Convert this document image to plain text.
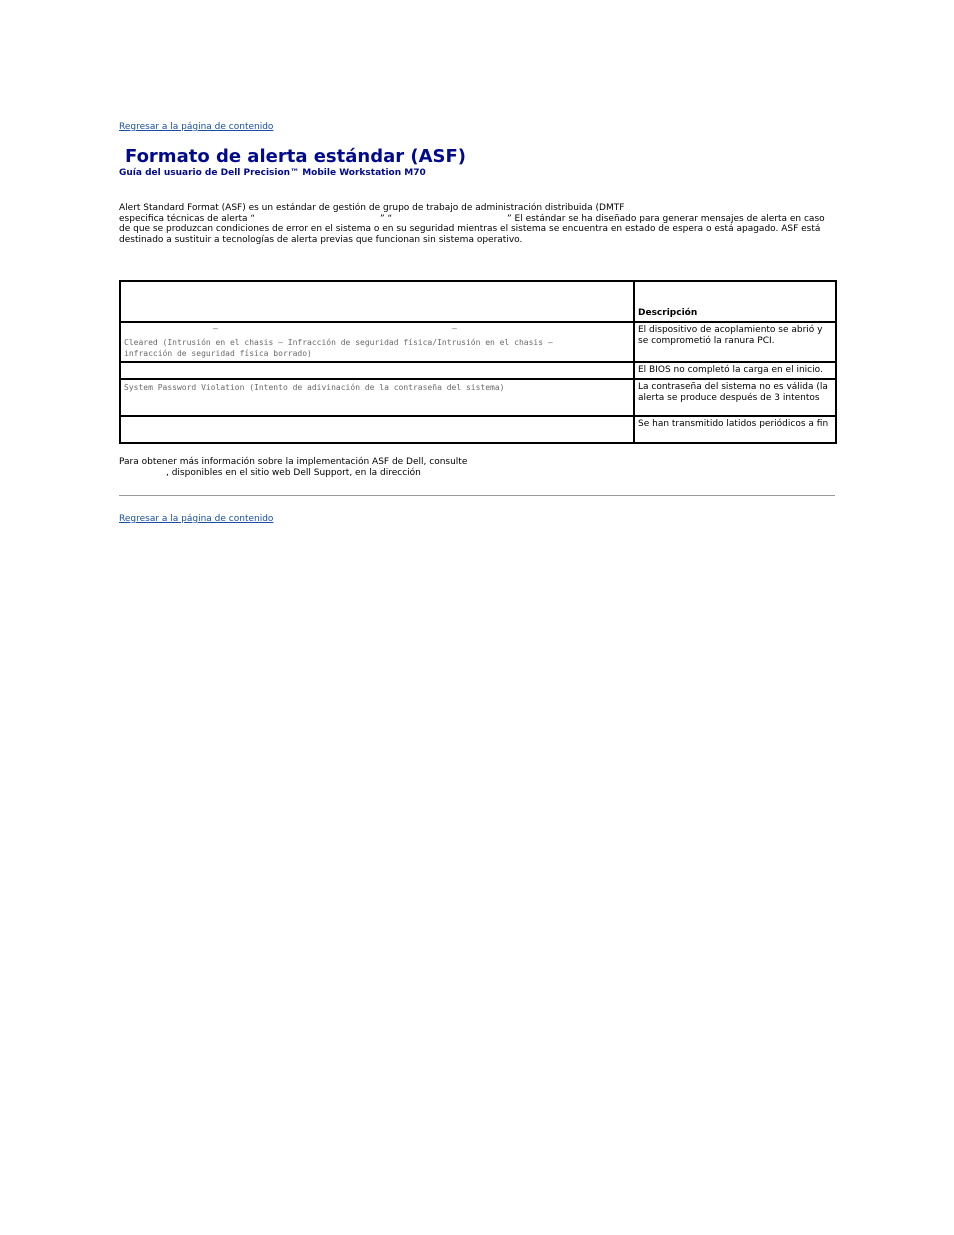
Regresar a la página de contenido
Formato de alerta estándar (ASF)
Guía del usuario de Dell Precision™ Mobile Workstation M70
Alert Standard Format (ASF) es un estándar de gestión de grupo de trabajo de administración distribuida (DMTF
especifica técnicas de alerta “	” “	” El estándar se ha diseñado para generar mensajes de alerta en caso
de que se produzcan condiciones de error en el sistema o en su seguridad mientras el sistema se encuentra en estado de espera o está apagado. ASF está
destinado a sustituir a tecnologías de alerta previas que funcionan sin sistema operativo.
	Descripción

– –
Cleared (Intrusión en el chasis – Infracción de seguridad física/Intrusión en el chasis –
infracción de seguridad física borrado)	El dispositivo de acoplamiento se abrió y se comprometió la ranura PCI.
	El BIOS no completó la carga en el inicio.
System Password Violation (Intento de adivinación de la contraseña del sistema)	La contraseña del sistema no es válida (la alerta se produce después de 3 intentos
	Se han transmitido latidos periódicos a fin
Para obtener más información sobre la implementación ASF de Dell, consulte
, disponibles en el sitio web Dell Support, en la dirección
Regresar a la página de contenido
